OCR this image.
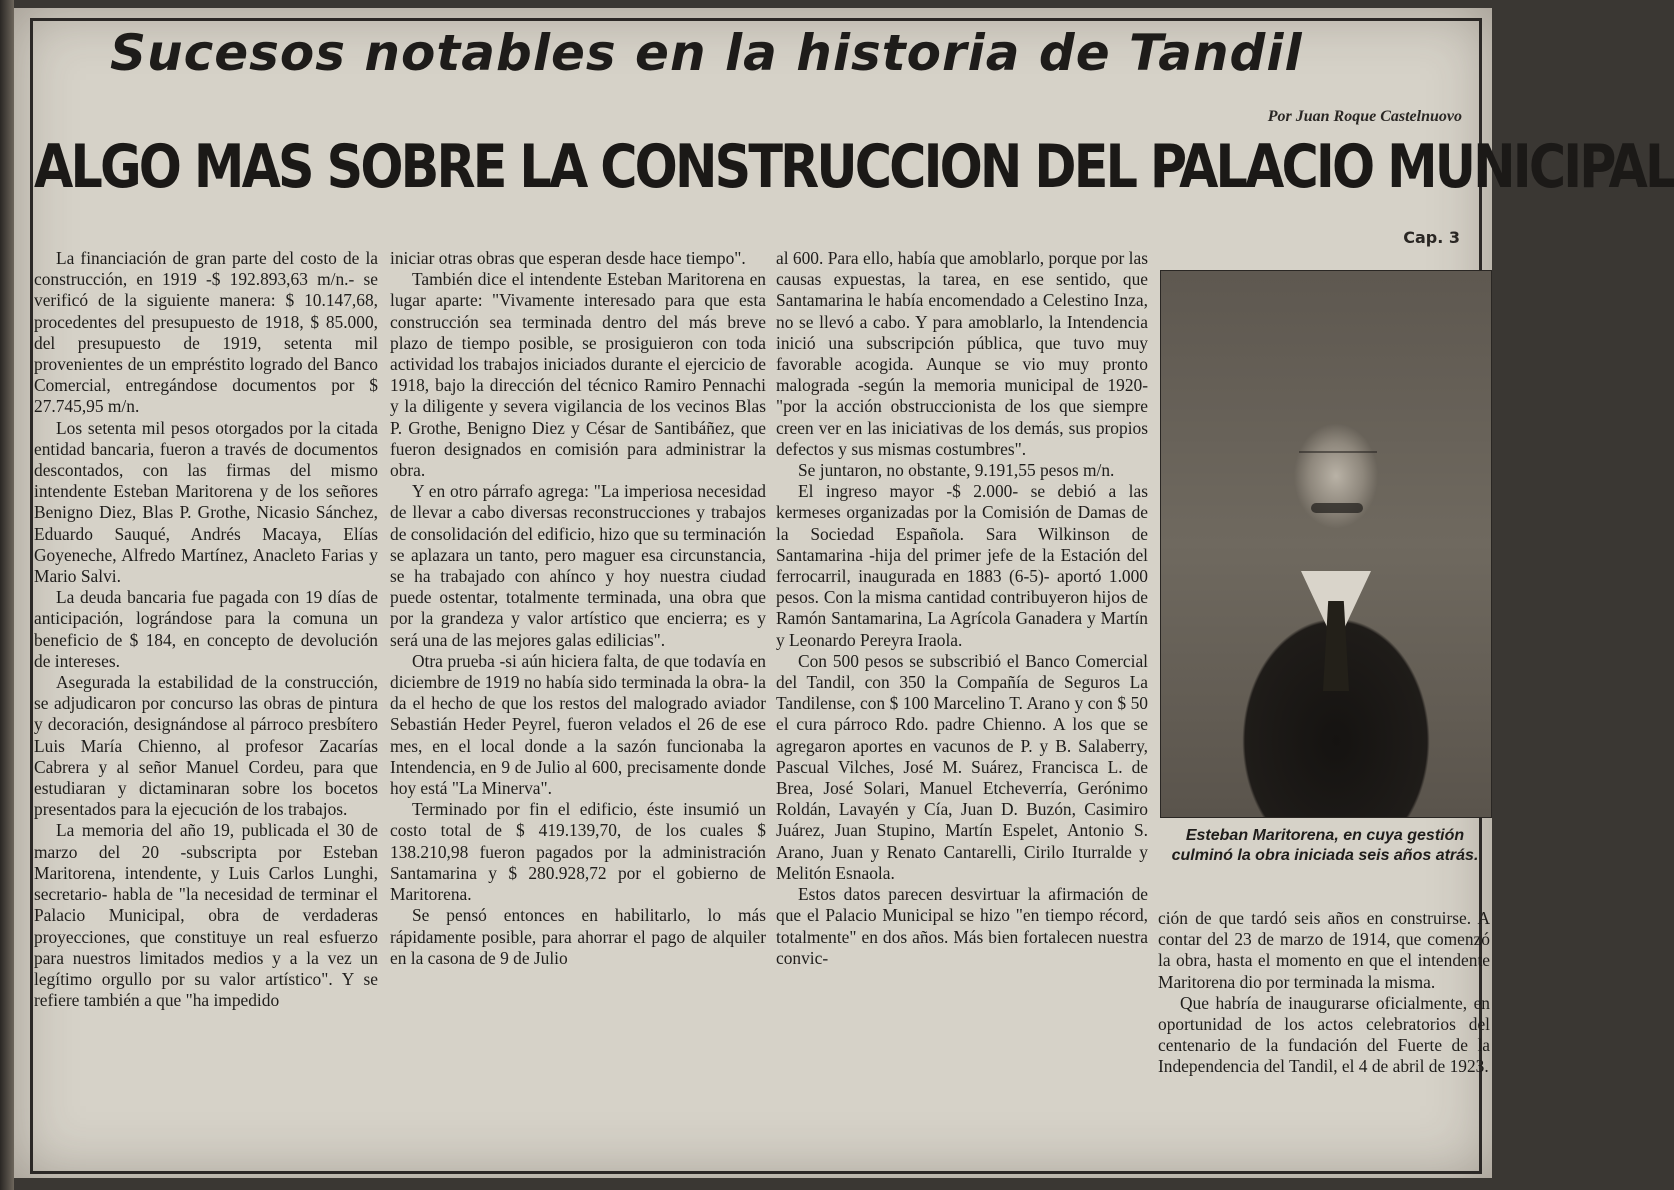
Sucesos notables en la historia de Tandil
Por Juan Roque Castelnuovo
ALGO MAS SOBRE LA CONSTRUCCION DEL PALACIO MUNICIPAL
Cap. 3

La financiación de gran parte del costo de la construcción, en 1919 -$ 192.893,63 m/n.- se verificó de la siguiente manera: $ 10.147,68, procedentes del presupuesto de 1918, $ 85.000, del presupuesto de 1919, setenta mil provenientes de un empréstito logrado del Banco Comercial, entregándose documentos por $ 27.745,95 m/n.

Los setenta mil pesos otorgados por la citada entidad bancaria, fueron a través de documentos descontados, con las firmas del mismo intendente Esteban Maritorena y de los señores Benigno Diez, Blas P. Grothe, Nicasio Sánchez, Eduardo Sauqué, Andrés Macaya, Elías Goyeneche, Alfredo Martínez, Anacleto Farias y Mario Salvi.

La deuda bancaria fue pagada con 19 días de anticipación, lográndose para la comuna un beneficio de $ 184, en concepto de devolución de intereses.

Asegurada la estabilidad de la construcción, se adjudicaron por concurso las obras de pintura y decoración, designándose al párroco presbítero Luis María Chienno, al profesor Zacarías Cabrera y al señor Manuel Cordeu, para que estudiaran y dictaminaran sobre los bocetos presentados para la ejecución de los trabajos.

La memoria del año 19, publicada el 30 de marzo del 20 -subscripta por Esteban Maritorena, intendente, y Luis Carlos Lunghi, secretario- habla de "la necesidad de terminar el Palacio Municipal, obra de verdaderas proyecciones, que constituye un real esfuerzo para nuestros limitados medios y a la vez un legítimo orgullo por su valor artístico". Y se refiere también a que "ha impedido

iniciar otras obras que esperan desde hace tiempo".

También dice el intendente Esteban Maritorena en lugar aparte: "Vivamente interesado para que esta construcción sea terminada dentro del más breve plazo de tiempo posible, se prosiguieron con toda actividad los trabajos iniciados durante el ejercicio de 1918, bajo la dirección del técnico Ramiro Pennachi y la diligente y severa vigilancia de los vecinos Blas P. Grothe, Benigno Diez y César de Santibáñez, que fueron designados en comisión para administrar la obra.

Y en otro párrafo agrega: "La imperiosa necesidad de llevar a cabo diversas reconstrucciones y trabajos de consolidación del edificio, hizo que su terminación se aplazara un tanto, pero maguer esa circunstancia, se ha trabajado con ahínco y hoy nuestra ciudad puede ostentar, totalmente terminada, una obra que por la grandeza y valor artístico que encierra; es y será una de las mejores galas edilicias".

Otra prueba -si aún hiciera falta, de que todavía en diciembre de 1919 no había sido terminada la obra- la da el hecho de que los restos del malogrado aviador Sebastián Heder Peyrel, fueron velados el 26 de ese mes, en el local donde a la sazón funcionaba la Intendencia, en 9 de Julio al 600, precisamente donde hoy está "La Minerva".

Terminado por fin el edificio, éste insumió un costo total de $ 419.139,70, de los cuales $ 138.210,98 fueron pagados por la administración Santamarina y $ 280.928,72 por el gobierno de Maritorena.

Se pensó entonces en habilitarlo, lo más rápidamente posible, para ahorrar el pago de alquiler en la casona de 9 de Julio

al 600. Para ello, había que amoblarlo, porque por las causas expuestas, la tarea, en ese sentido, que Santamarina le había encomendado a Celestino Inza, no se llevó a cabo. Y para amoblarlo, la Intendencia inició una subscripción pública, que tuvo muy favorable acogida. Aunque se vio muy pronto malograda -según la memoria municipal de 1920- "por la acción obstruccionista de los que siempre creen ver en las iniciativas de los demás, sus propios defectos y sus mismas costumbres".

Se juntaron, no obstante, 9.191,55 pesos m/n.

El ingreso mayor -$ 2.000- se debió a las kermeses organizadas por la Comisión de Damas de la Sociedad Española. Sara Wilkinson de Santamarina -hija del primer jefe de la Estación del ferrocarril, inaugurada en 1883 (6-5)- aportó 1.000 pesos. Con la misma cantidad contribuyeron hijos de Ramón Santamarina, La Agrícola Ganadera y Martín y Leonardo Pereyra Iraola.

Con 500 pesos se subscribió el Banco Comercial del Tandil, con 350 la Compañía de Seguros La Tandilense, con $ 100 Marcelino T. Arano y con $ 50 el cura párroco Rdo. padre Chienno. A los que se agregaron aportes en vacunos de P. y B. Salaberry, Pascual Vilches, José M. Suárez, Francisca L. de Brea, José Solari, Manuel Etcheverría, Gerónimo Roldán, Lavayén y Cía, Juan D. Buzón, Casimiro Juárez, Juan Stupino, Martín Espelet, Antonio S. Arano, Juan y Renato Cantarelli, Cirilo Iturralde y Melitón Esnaola.

Estos datos parecen desvirtuar la afirmación de que el Palacio Municipal se hizo "en tiempo récord, totalmente" en dos años. Más bien fortalecen nuestra convic-

Esteban Maritorena, en cuya gestión culminó la obra iniciada seis años atrás.

ción de que tardó seis años en construirse. A contar del 23 de marzo de 1914, que comenzó la obra, hasta el momento en que el intendente Maritorena dio por terminada la misma.

Que habría de inaugurarse oficialmente, en oportunidad de los actos celebratorios del centenario de la fundación del Fuerte de la Independencia del Tandil, el 4 de abril de 1923.
